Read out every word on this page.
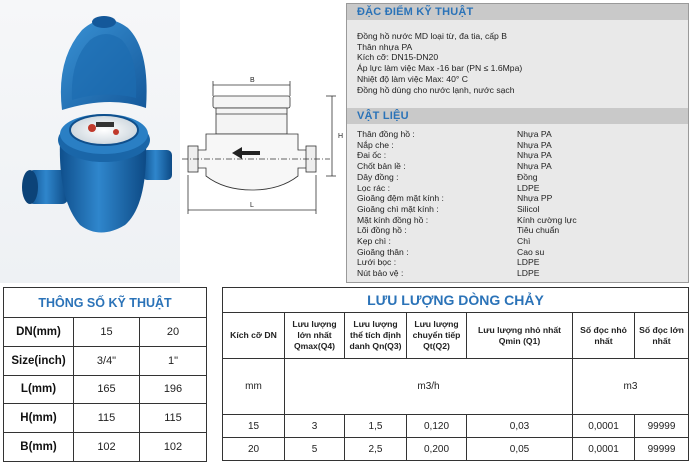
B
H
L
ĐẶC ĐIỂM KỸ THUẬT
Đồng hồ nước MD loại từ, đa tia, cấp B
Thân nhựa PA
Kích cỡ: DN15-DN20
Áp lực làm việc Max -16 bar (PN ≤ 1.6Mpa)
Nhiệt độ làm việc Max: 40° C
Đồng hồ dùng cho nước lạnh, nước sạch
VẬT LIỆU
Thân đồng hồ :	Nhựa PA
Nắp che :	Nhựa PA
Đai ốc :	Nhựa PA
Chốt bản lề :	Nhựa PA
Dây đồng :	Đồng
Lọc rác :	LDPE
Gioăng đệm mặt kính :	Nhựa PP
Gioăng chì mặt kính :	Silicol
Mặt kính đồng hồ :	Kính cường lực
Lõi đồng hồ :	Tiêu chuẩn
Kẹp chì :	Chì
Gioăng thân :	Cao su
Lưới bọc :	LDPE
Nút bảo vệ :	LDPE
THÔNG SỐ KỸ THUẬT		
DN(mm)	15	20
Size(inch)	3/4"	1"
L(mm)	165	196
H(mm)	115	115
B(mm)	102	102
LƯU LƯỢNG DÒNG CHẢY						
Kích cỡ DN	Lưu lượng lớn nhất Qmax(Q4)	Lưu lượng thể tích định danh Qn(Q3)	Lưu lượng chuyển tiếp Qt(Q2)	Lưu lượng nhỏ nhất Qmin (Q1)	Số đọc nhỏ nhất	Số đọc lớn nhất
mm	m3/h				m3	
15	3	1,5	0,120	0,03	0,0001	99999
20	5	2,5	0,200	0,05	0,0001	99999
